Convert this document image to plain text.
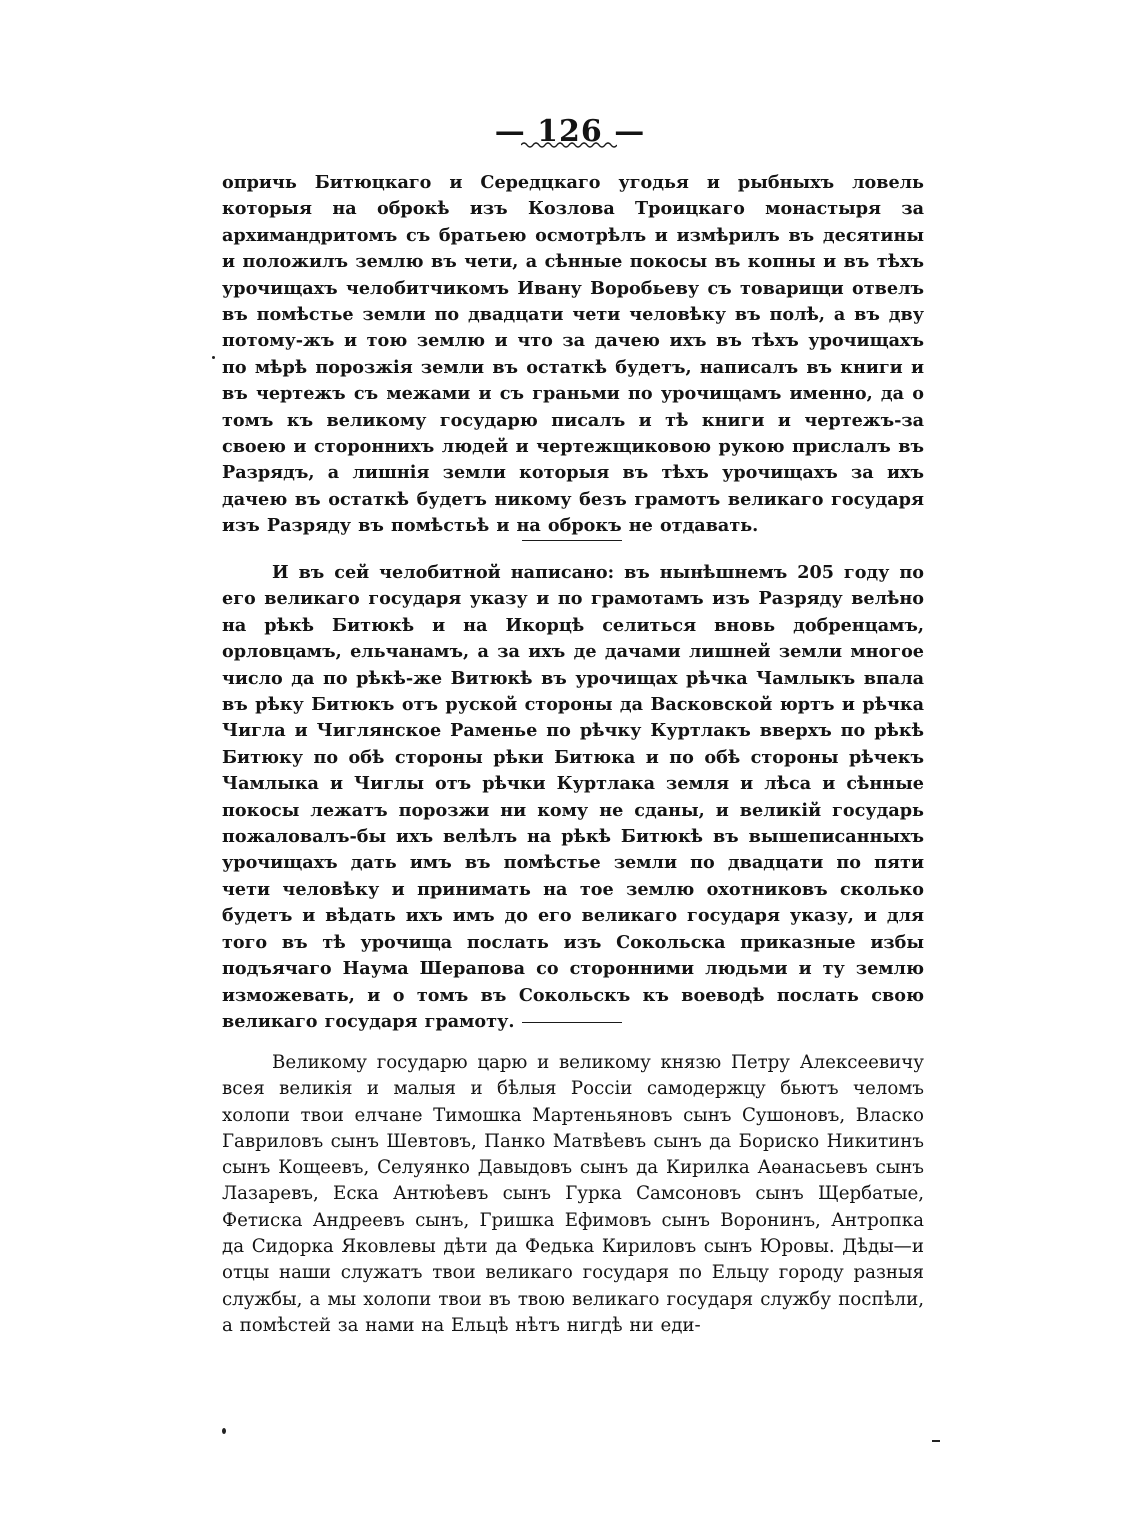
— 126 —

опричь Битюцкаго и Середцкаго угодья и рыбныхъ ловель которыя на оброкѣ изъ Козлова Троицкаго монастыря за архимандритомъ съ братьею осмотрѣлъ и измѣрилъ въ десятины и положилъ землю въ чети, а сѣнные покосы въ копны и въ тѣхъ урочищахъ челобитчикомъ Ивану Воробьеву съ товарищи отвелъ въ помѣстье земли по двадцати чети человѣку въ полѣ, а въ дву потому-жъ и тою землю и что за дачею ихъ въ тѣхъ урочищахъ по мѣрѣ порозжія земли въ остаткѣ будетъ, написалъ въ книги и въ чертежъ съ межами и съ граньми по урочищамъ именно, да о томъ къ великому государю писалъ и тѣ книги и чертежъ-за своею и стороннихъ людей и чертежщиковою рукою прислалъ въ Разрядъ, а лишнія земли которыя въ тѣхъ урочищахъ за ихъ дачею въ остаткѣ будетъ никому безъ грамотъ великаго государя изъ Разряду въ помѣстьѣ и на оброкъ не отдавать.

И въ сей челобитной написано: въ нынѣшнемъ 205 году по его великаго государя указу и по грамотамъ изъ Разряду велѣно на рѣкѣ Битюкѣ и на Икорцѣ селиться вновь добренцамъ, орловцамъ, ельчанамъ, а за ихъ де дачами лишней земли многое число да по рѣкѣ-же Витюкѣ въ урочищах рѣчка Чамлыкъ впала въ рѣку Битюкъ отъ руской стороны да Васковской юртъ и рѣчка Чигла и Чиглянское Раменье по рѣчку Куртлакъ вверхъ по рѣкѣ Битюку по обѣ стороны рѣки Битюка и по обѣ стороны рѣчекъ Чамлыка и Чиглы отъ рѣчки Куртлака земля и лѣса и сѣнные покосы лежатъ порозжи ни кому не сданы, и великій государь пожаловалъ-бы ихъ велѣлъ на рѣкѣ Битюкѣ въ вышеписанныхъ урочищахъ дать имъ въ помѣстье земли по двадцати по пяти чети человѣку и принимать на тое землю охотниковъ сколько будетъ и вѣдать ихъ имъ до его великаго государя указу, и для того въ тѣ урочища послать изъ Сокольска приказные избы подъячаго Наума Шерапова со сторонними людьми и ту землю изможевать, и о томъ въ Сокольскъ къ воеводѣ послать свою великаго государя грамоту.

Великому государю царю и великому князю Петру Алексеевичу всея великія и малыя и бѣлыя Россіи самодержцу бьютъ челомъ холопи твои елчане Тимошка Мартеньяновъ сынъ Сушоновъ, Власко Гавриловъ сынъ Шевтовъ, Панко Матвѣевъ сынъ да Бориско Никитинъ сынъ Кощеевъ, Селуянко Давыдовъ сынъ да Кирилка Аѳанасьевъ сынъ Лазаревъ, Еска Антюѣевъ сынъ Гурка Самсоновъ сынъ Щербатые, Фетиска Андреевъ сынъ, Гришка Ефимовъ сынъ Воронинъ, Антропка да Сидорка Яковлевы дѣти да Федька Кириловъ сынъ Юровы. Дѣды—и отцы наши служатъ твои великаго государя по Ельцу городу разныя службы, а мы холопи твои въ твою великаго государя службу поспѣли, а помѣстей за нами на Ельцѣ нѣтъ нигдѣ ни еди-
